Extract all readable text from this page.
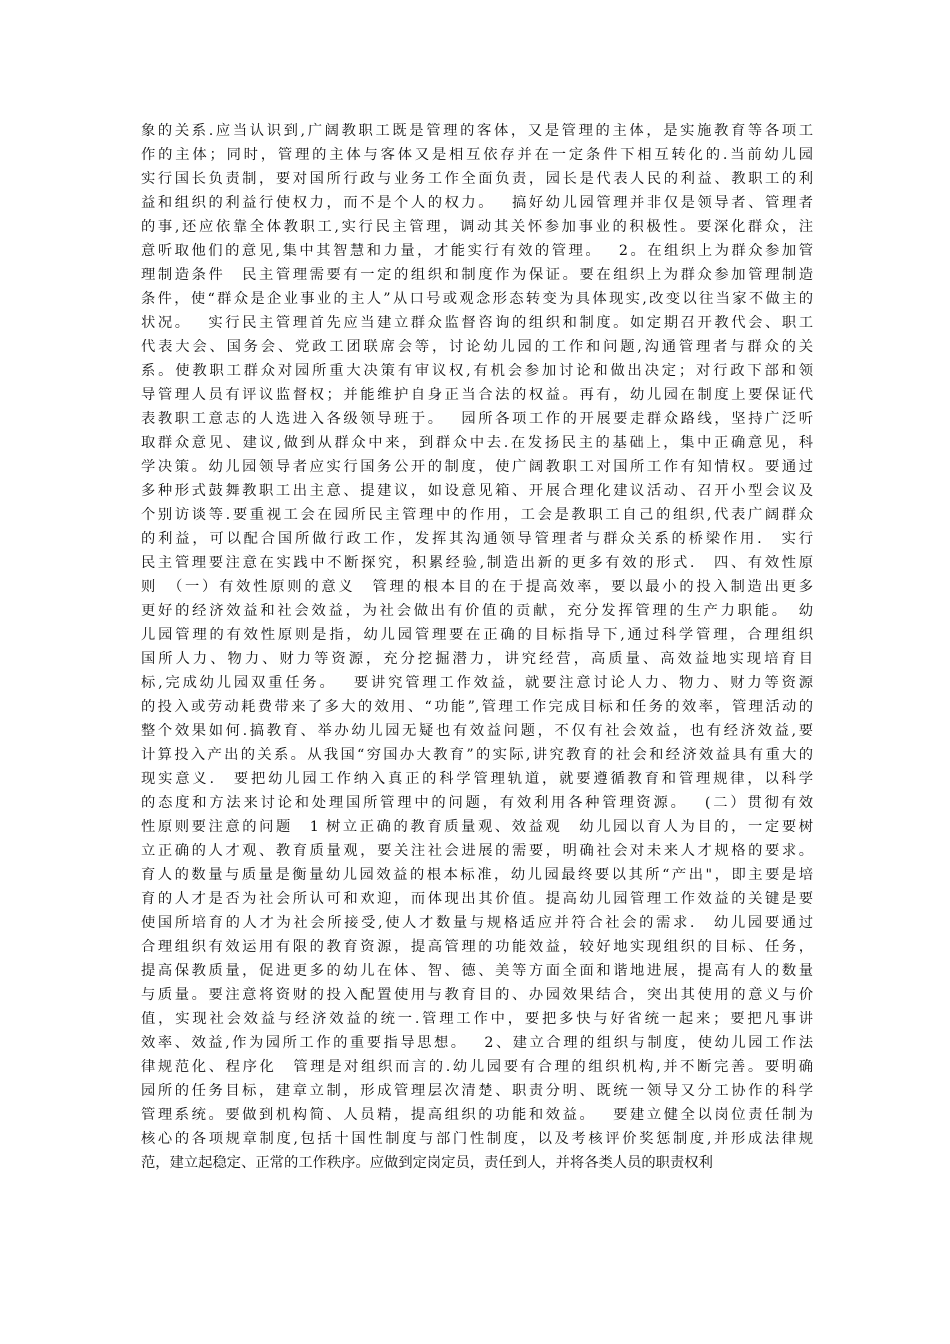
象的关系.应当认识到,广阔教职工既是管理的客体，又是管理的主体，是实施教育等各项工
作的主体；同时，管理的主体与客体又是相互依存并在一定条件下相互转化的.当前幼儿园
实行国长负责制，要对国所行政与业务工作全面负责，园长是代表人民的利益、教职工的利
益和组织的利益行使权力，而不是个人的权力。　 搞好幼儿园管理并非仅是领导者、管理者
的事,还应依靠全体教职工,实行民主管理，调动其关怀参加事业的积极性。要深化群众，注
意听取他们的意见,集中其智慧和力量，才能实行有效的管理。　 2。在组织上为群众参加管
理制造条件　民主管理需要有一定的组织和制度作为保证。要在组织上为群众参加管理制造
条件，使“群众是企业事业的主人”从口号或观念形态转变为具体现实,改变以往当家不做主的
状况。　 实行民主管理首先应当建立群众监督咨询的组织和制度。如定期召开教代会、职工
代表大会、国务会、党政工团联席会等，讨论幼儿园的工作和问题,沟通管理者与群众的关
系。使教职工群众对园所重大决策有审议权,有机会参加讨论和做出决定；对行政下部和领
导管理人员有评议监督权；并能维护自身正当合法的权益。再有，幼儿园在制度上要保证代
表教职工意志的人选进入各级领导班于。　 园所各项工作的开展要走群众路线，坚持广泛听
取群众意见、建议,做到从群众中来，到群众中去.在发扬民主的基础上，集中正确意见，科
学决策。幼儿园领导者应实行国务公开的制度，使广阔教职工对国所工作有知情权。要通过
多种形式鼓舞教职工出主意、提建议，如设意见箱、开展合理化建议活动、召开小型会议及
个别访谈等.要重视工会在园所民主管理中的作用，工会是教职工自己的组织,代表广阔群众
的利益，可以配合国所做行政工作，发挥其沟通领导管理者与群众关系的桥梁作用.　实行
民主管理要注意在实践中不断探究，积累经验,制造出新的更多有效的形式.　四、有效性原
则　（一）有效性原则的意义　管理的根本目的在于提高效率，要以最小的投入制造出更多
更好的经济效益和社会效益，为社会做出有价值的贡献，充分发挥管理的生产力职能。　幼
儿园管理的有效性原则是指，幼儿园管理要在正确的目标指导下,通过科学管理，合理组织
国所人力、物力、财力等资源，充分挖掘潜力，讲究经营，高质量、高效益地实现培育目
标,完成幼儿园双重任务。　 要讲究管理工作效益，就要注意讨论人力、物力、财力等资源
的投入或劳动耗费带来了多大的效用、“功能”,管理工作完成目标和任务的效率，管理活动的
整个效果如何.搞教育、举办幼儿园无疑也有效益问题，不仅有社会效益，也有经济效益,要
计算投入产出的关系。从我国“穷国办大教育”的实际,讲究教育的社会和经济效益具有重大的
现实意义.　要把幼儿园工作纳入真正的科学管理轨道，就要遵循教育和管理规律，以科学
的态度和方法来讨论和处理国所管理中的问题，有效利用各种管理资源。　 (二）贯彻有效
性原则要注意的问题　1 树立正确的教育质量观、效益观　幼儿园以育人为目的，一定要树
立正确的人才观、教育质量观，要关注社会进展的需要，明确社会对未来人才规格的要求。
育人的数量与质量是衡量幼儿园效益的根本标准，幼儿园最终要以其所“产出"，即主要是培
育的人才是否为社会所认可和欢迎，而体现出其价值。提高幼儿园管理工作效益的关键是要
使国所培育的人才为社会所接受,使人才数量与规格适应并符合社会的需求.　幼儿园要通过
合理组织有效运用有限的教育资源，提高管理的功能效益，较好地实现组织的目标、任务，
提高保教质量，促进更多的幼儿在体、智、德、美等方面全面和谐地进展，提高有人的数量
与质量。要注意将资财的投入配置使用与教育目的、办园效果结合，突出其使用的意义与价
值，实现社会效益与经济效益的统一.管理工作中，要把多快与好省统一起来；要把凡事讲
效率、效益,作为园所工作的重要指导思想。　 2、建立合理的组织与制度，使幼儿园工作法
律规范化、程序化　管理是对组织而言的.幼儿园要有合理的组织机构,并不断完善。要明确
园所的任务目标，建章立制，形成管理层次清楚、职责分明、既统一领导又分工协作的科学
管理系统。要做到机构简、人员精，提高组织的功能和效益。　 要建立健全以岗位责任制为
核心的各项规章制度,包括十国性制度与部门性制度，以及考核评价奖惩制度,并形成法律规
范，建立起稳定、正常的工作秩序。应做到定岗定员，责任到人，并将各类人员的职责权利
